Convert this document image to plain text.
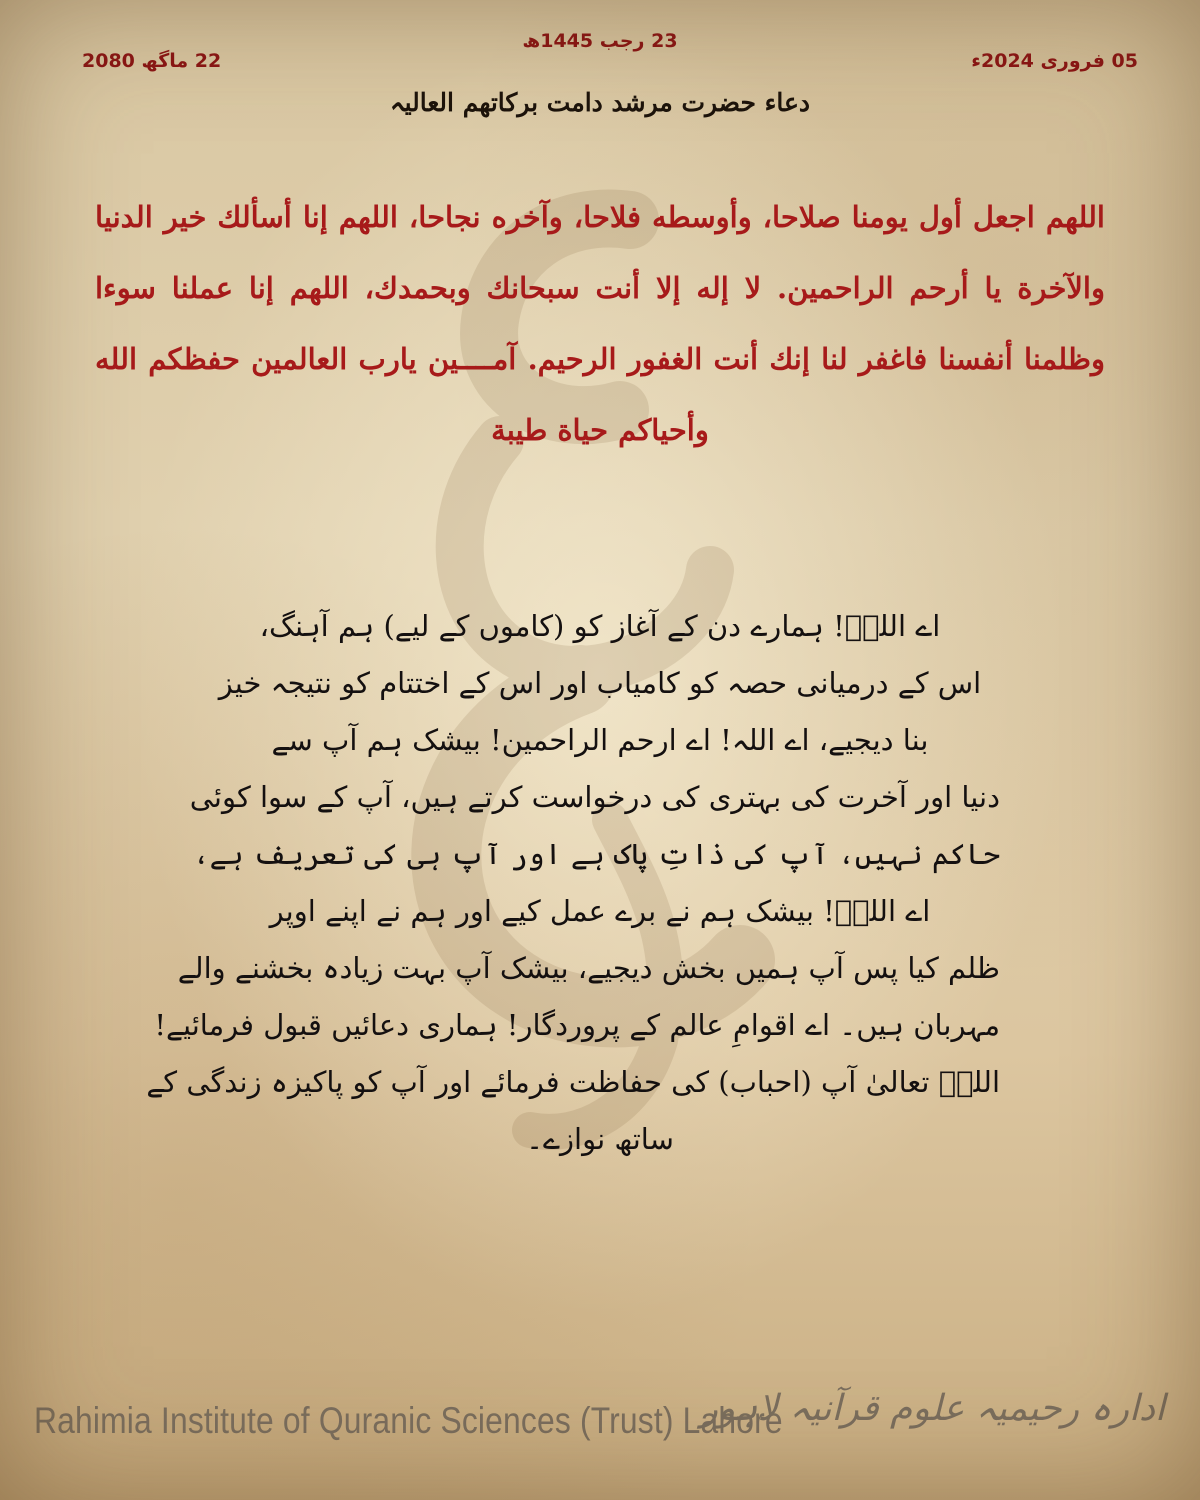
05 فروری 2024ء
23 رجب 1445ھ
22 ماگھ 2080
دعاء حضرت مرشد دامت برکاتھم العالیہ
اللھم اجعل أول یومنا صلاحا، وأوسطه فلاحا، وآخره نجاحا، اللھم إنا أسألك خير الدنيا والآخرة يا أرحم الراحمين. لا إله إلا أنت سبحانك وبحمدك، اللھم إنا عملنا سوءا وظلمنا أنفسنا فاغفر لنا إنك أنت الغفور الرحيم. آمــــين يارب العالمين حفظكم الله وأحياكم حياة طيبة
اے اللہؐ! ہمارے دن کے آغاز کو (کاموں کے لیے) ہم آہنگ،
اس کے درمیانی حصہ کو کامیاب اور اس کے اختتام کو نتیجہ خیز
بنا دیجیے، اے اللہ! اے ارحم الراحمین! بیشک ہم آپ سے
دنیا اور آخرت کی بہتری کی درخواست کرتے ہیں، آپ کے سوا کوئی
حاکم نہیں، آپ کی ذاتِ پاک ہے اور آپ ہی کی تعریف ہے،
اے اللہؐ! بیشک ہم نے برے عمل کیے اور ہم نے اپنے اوپر
ظلم کیا پس آپ ہمیں بخش دیجیے، بیشک آپ بہت زیادہ بخشنے والے
مہربان ہیں۔ اے اقوامِ عالم کے پروردگار! ہماری دعائیں قبول فرمائیے!
اللہؐ تعالیٰ آپ (احباب) کی حفاظت فرمائے اور آپ کو پاکیزہ زندگی کے
ساتھ نوازے۔
Rahimia Institute of Quranic Sciences (Trust) Lahore
ادارہ رحیمیہ علوم قرآنیہ لاہور
